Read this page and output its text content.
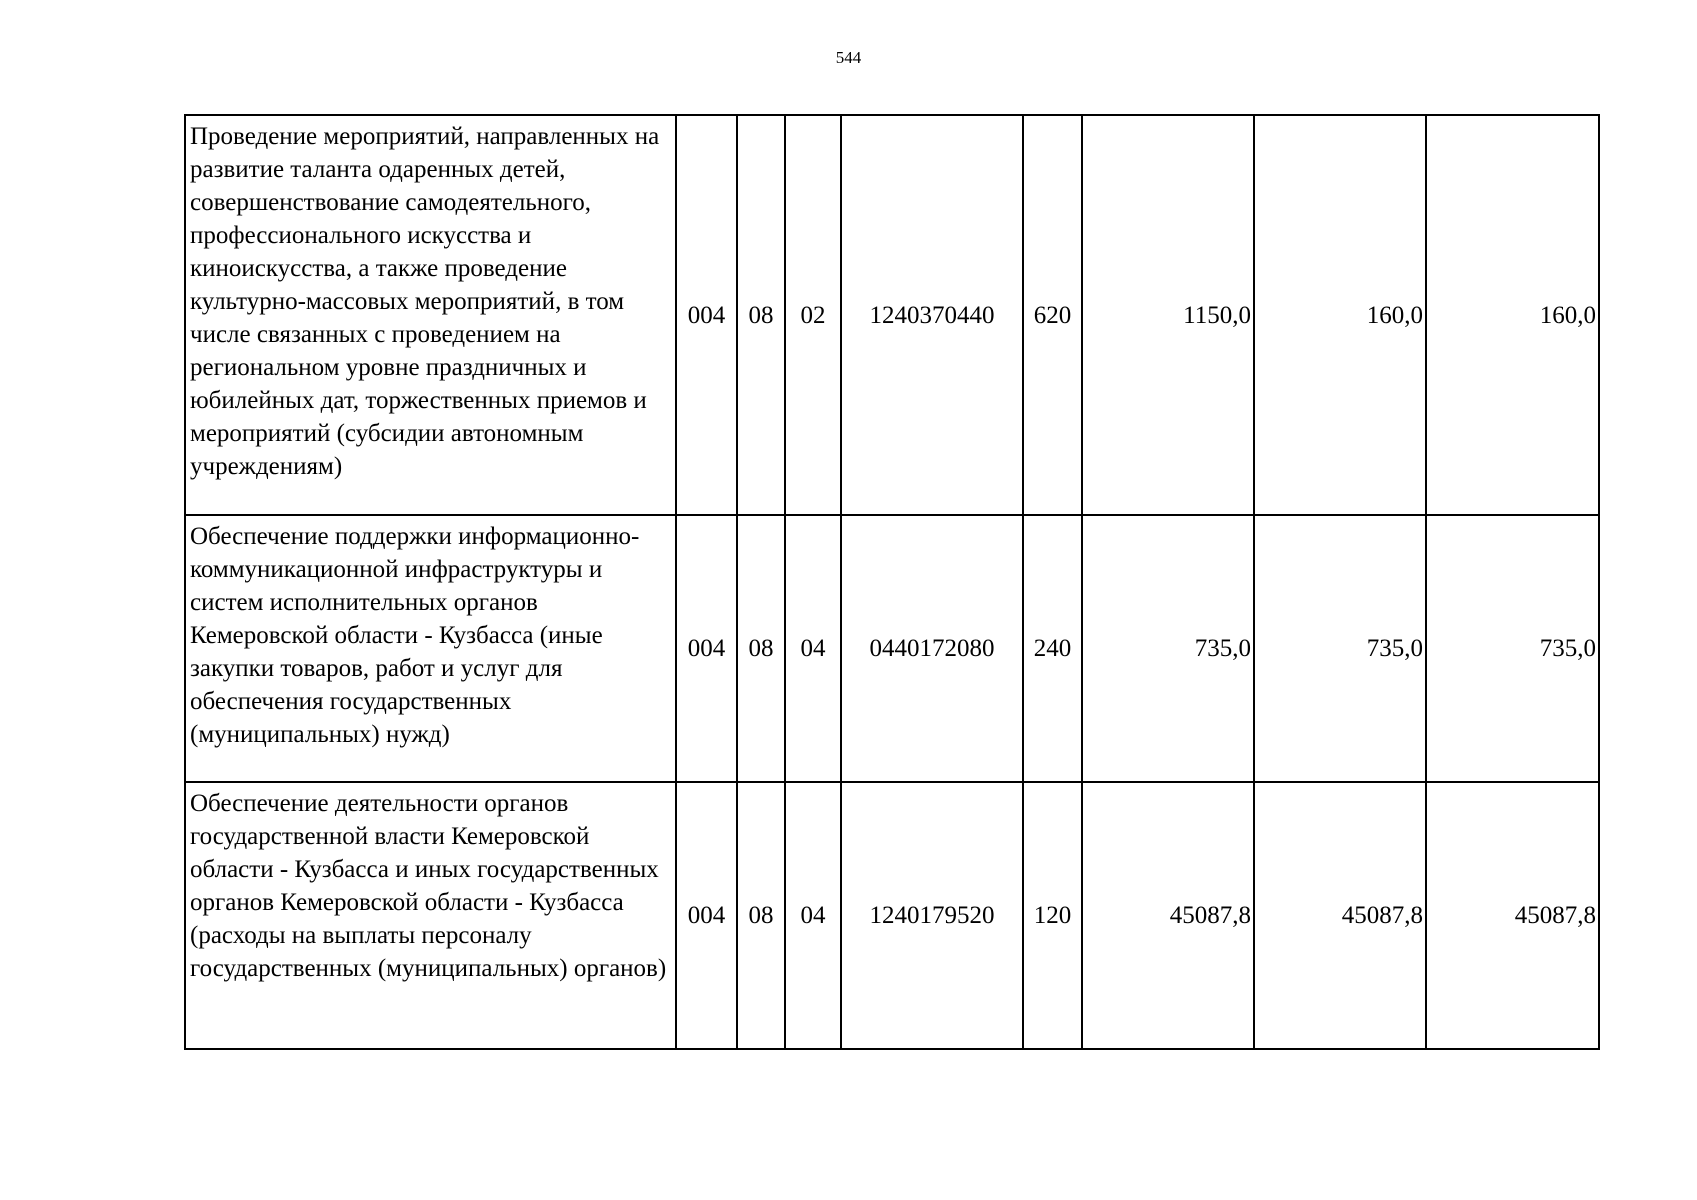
544
Проведение мероприятий, направленных на развитие таланта одаренных детей, совершенствование самодеятельного, профессионального искусства и киноискусства, а также проведение культурно-массовых мероприятий, в том числе связанных с проведением на региональном уровне праздничных и юбилейных дат, торжественных приемов и мероприятий (субсидии автономным учреждениям)	004	08	02	1240370440	620	1150,0	160,0	160,0
Обеспечение поддержки информационно-коммуникационной инфраструктуры и систем исполнительных органов Кемеровской области - Кузбасса (иные закупки товаров, работ и услуг для обеспечения государственных (муниципальных) нужд)	004	08	04	0440172080	240	735,0	735,0	735,0
Обеспечение деятельности органов государственной власти Кемеровской области - Кузбасса и иных государственных органов Кемеровской области - Кузбасса (расходы на выплаты персоналу государственных (муниципальных) органов)	004	08	04	1240179520	120	45087,8	45087,8	45087,8
